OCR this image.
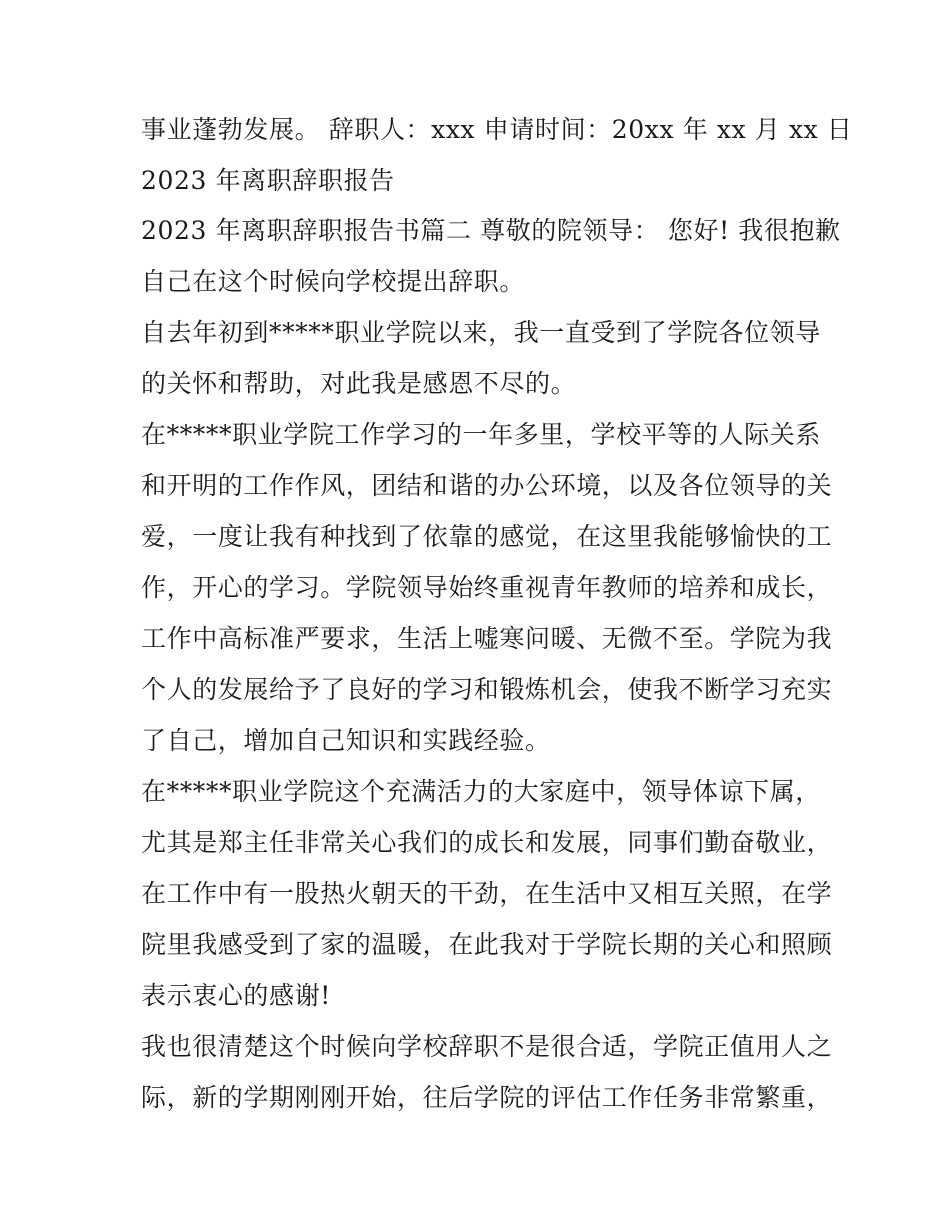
事业蓬勃发展。 辞职人：xxx 申请时间：20xx 年 xx 月 xx 日

2023 年离职辞职报告

2023 年离职辞职报告书篇二 尊敬的院领导： 您好! 我很抱歉

自己在这个时候向学校提出辞职。

自去年初到*****职业学院以来，我一直受到了学院各位领导

的关怀和帮助，对此我是感恩不尽的。

在*****职业学院工作学习的一年多里，学校平等的人际关系

和开明的工作作风，团结和谐的办公环境，以及各位领导的关

爱，一度让我有种找到了依靠的感觉，在这里我能够愉快的工

作，开心的学习。学院领导始终重视青年教师的培养和成长，

工作中高标准严要求，生活上嘘寒问暖、无微不至。学院为我

个人的发展给予了良好的学习和锻炼机会，使我不断学习充实

了自己，增加自己知识和实践经验。

在*****职业学院这个充满活力的大家庭中，领导体谅下属，

尤其是郑主任非常关心我们的成长和发展，同事们勤奋敬业，

在工作中有一股热火朝天的干劲，在生活中又相互关照，在学

院里我感受到了家的温暖，在此我对于学院长期的关心和照顾

表示衷心的感谢!

我也很清楚这个时候向学校辞职不是很合适，学院正值用人之

际，新的学期刚刚开始，往后学院的评估工作任务非常繁重，
